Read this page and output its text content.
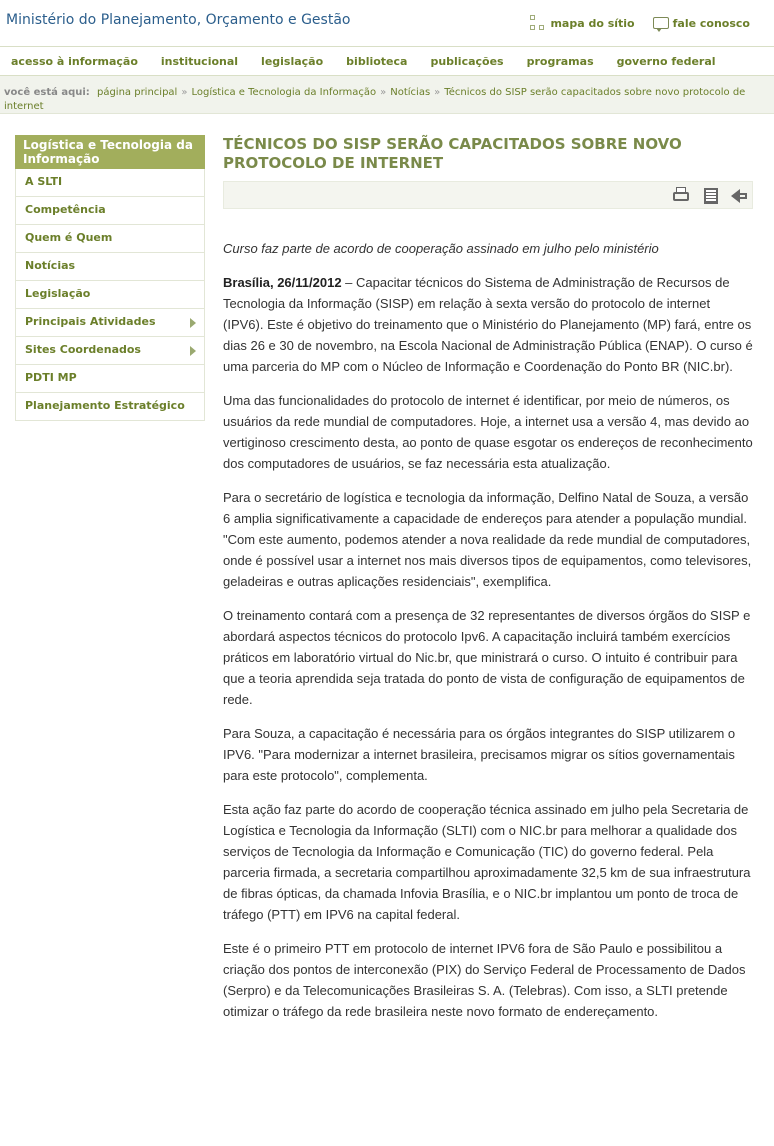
Ministério do Planejamento, Orçamento e Gestão	mapa do sítio	fale conosco
acesso à informação institucional legislação biblioteca publicações programas governo federal
você está aqui: página principal » Logística e Tecnologia da Informação » Notícias » Técnicos do SISP serão capacitados sobre novo protocolo de internet
Logística e Tecnologia da Informação
A SLTI
Competência
Quem é Quem
Notícias
Legislação
Principais Atividades
Sites Coordenados
PDTI MP
Planejamento Estratégico
TÉCNICOS DO SISP SERÃO CAPACITADOS SOBRE NOVO PROTOCOLO DE INTERNET

Curso faz parte de acordo de cooperação assinado em julho pelo ministério

Brasília, 26/11/2012 – Capacitar técnicos do Sistema de Administração de Recursos de Tecnologia da Informação (SISP) em relação à sexta versão do protocolo de internet (IPV6). Este é objetivo do treinamento que o Ministério do Planejamento (MP) fará, entre os dias 26 e 30 de novembro, na Escola Nacional de Administração Pública (ENAP). O curso é uma parceria do MP com o Núcleo de Informação e Coordenação do Ponto BR (NIC.br).

Uma das funcionalidades do protocolo de internet é identificar, por meio de números, os usuários da rede mundial de computadores. Hoje, a internet usa a versão 4, mas devido ao vertiginoso crescimento desta, ao ponto de quase esgotar os endereços de reconhecimento dos computadores de usuários, se faz necessária esta atualização.

Para o secretário de logística e tecnologia da informação, Delfino Natal de Souza, a versão 6 amplia significativamente a capacidade de endereços para atender a população mundial. "Com este aumento, podemos atender a nova realidade da rede mundial de computadores, onde é possível usar a internet nos mais diversos tipos de equipamentos, como televisores, geladeiras e outras aplicações residenciais", exemplifica.

O treinamento contará com a presença de 32 representantes de diversos órgãos do SISP e abordará aspectos técnicos do protocolo Ipv6. A capacitação incluirá também exercícios práticos em laboratório virtual do Nic.br, que ministrará o curso. O intuito é contribuir para que a teoria aprendida seja tratada do ponto de vista de configuração de equipamentos de rede.

Para Souza, a capacitação é necessária para os órgãos integrantes do SISP utilizarem o IPV6. "Para modernizar a internet brasileira, precisamos migrar os sítios governamentais para este protocolo", complementa.

Esta ação faz parte do acordo de cooperação técnica assinado em julho pela Secretaria de Logística e Tecnologia da Informação (SLTI) com o NIC.br para melhorar a qualidade dos serviços de Tecnologia da Informação e Comunicação (TIC) do governo federal. Pela parceria firmada, a secretaria compartilhou aproximadamente 32,5 km de sua infraestrutura de fibras ópticas, da chamada Infovia Brasília, e o NIC.br implantou um ponto de troca de tráfego (PTT) em IPV6 na capital federal.

Este é o primeiro PTT em protocolo de internet IPV6 fora de São Paulo e possibilitou a criação dos pontos de interconexão (PIX) do Serviço Federal de Processamento de Dados (Serpro) e da Telecomunicações Brasileiras S. A. (Telebras). Com isso, a SLTI pretende otimizar o tráfego da rede brasileira neste novo formato de endereçamento.
